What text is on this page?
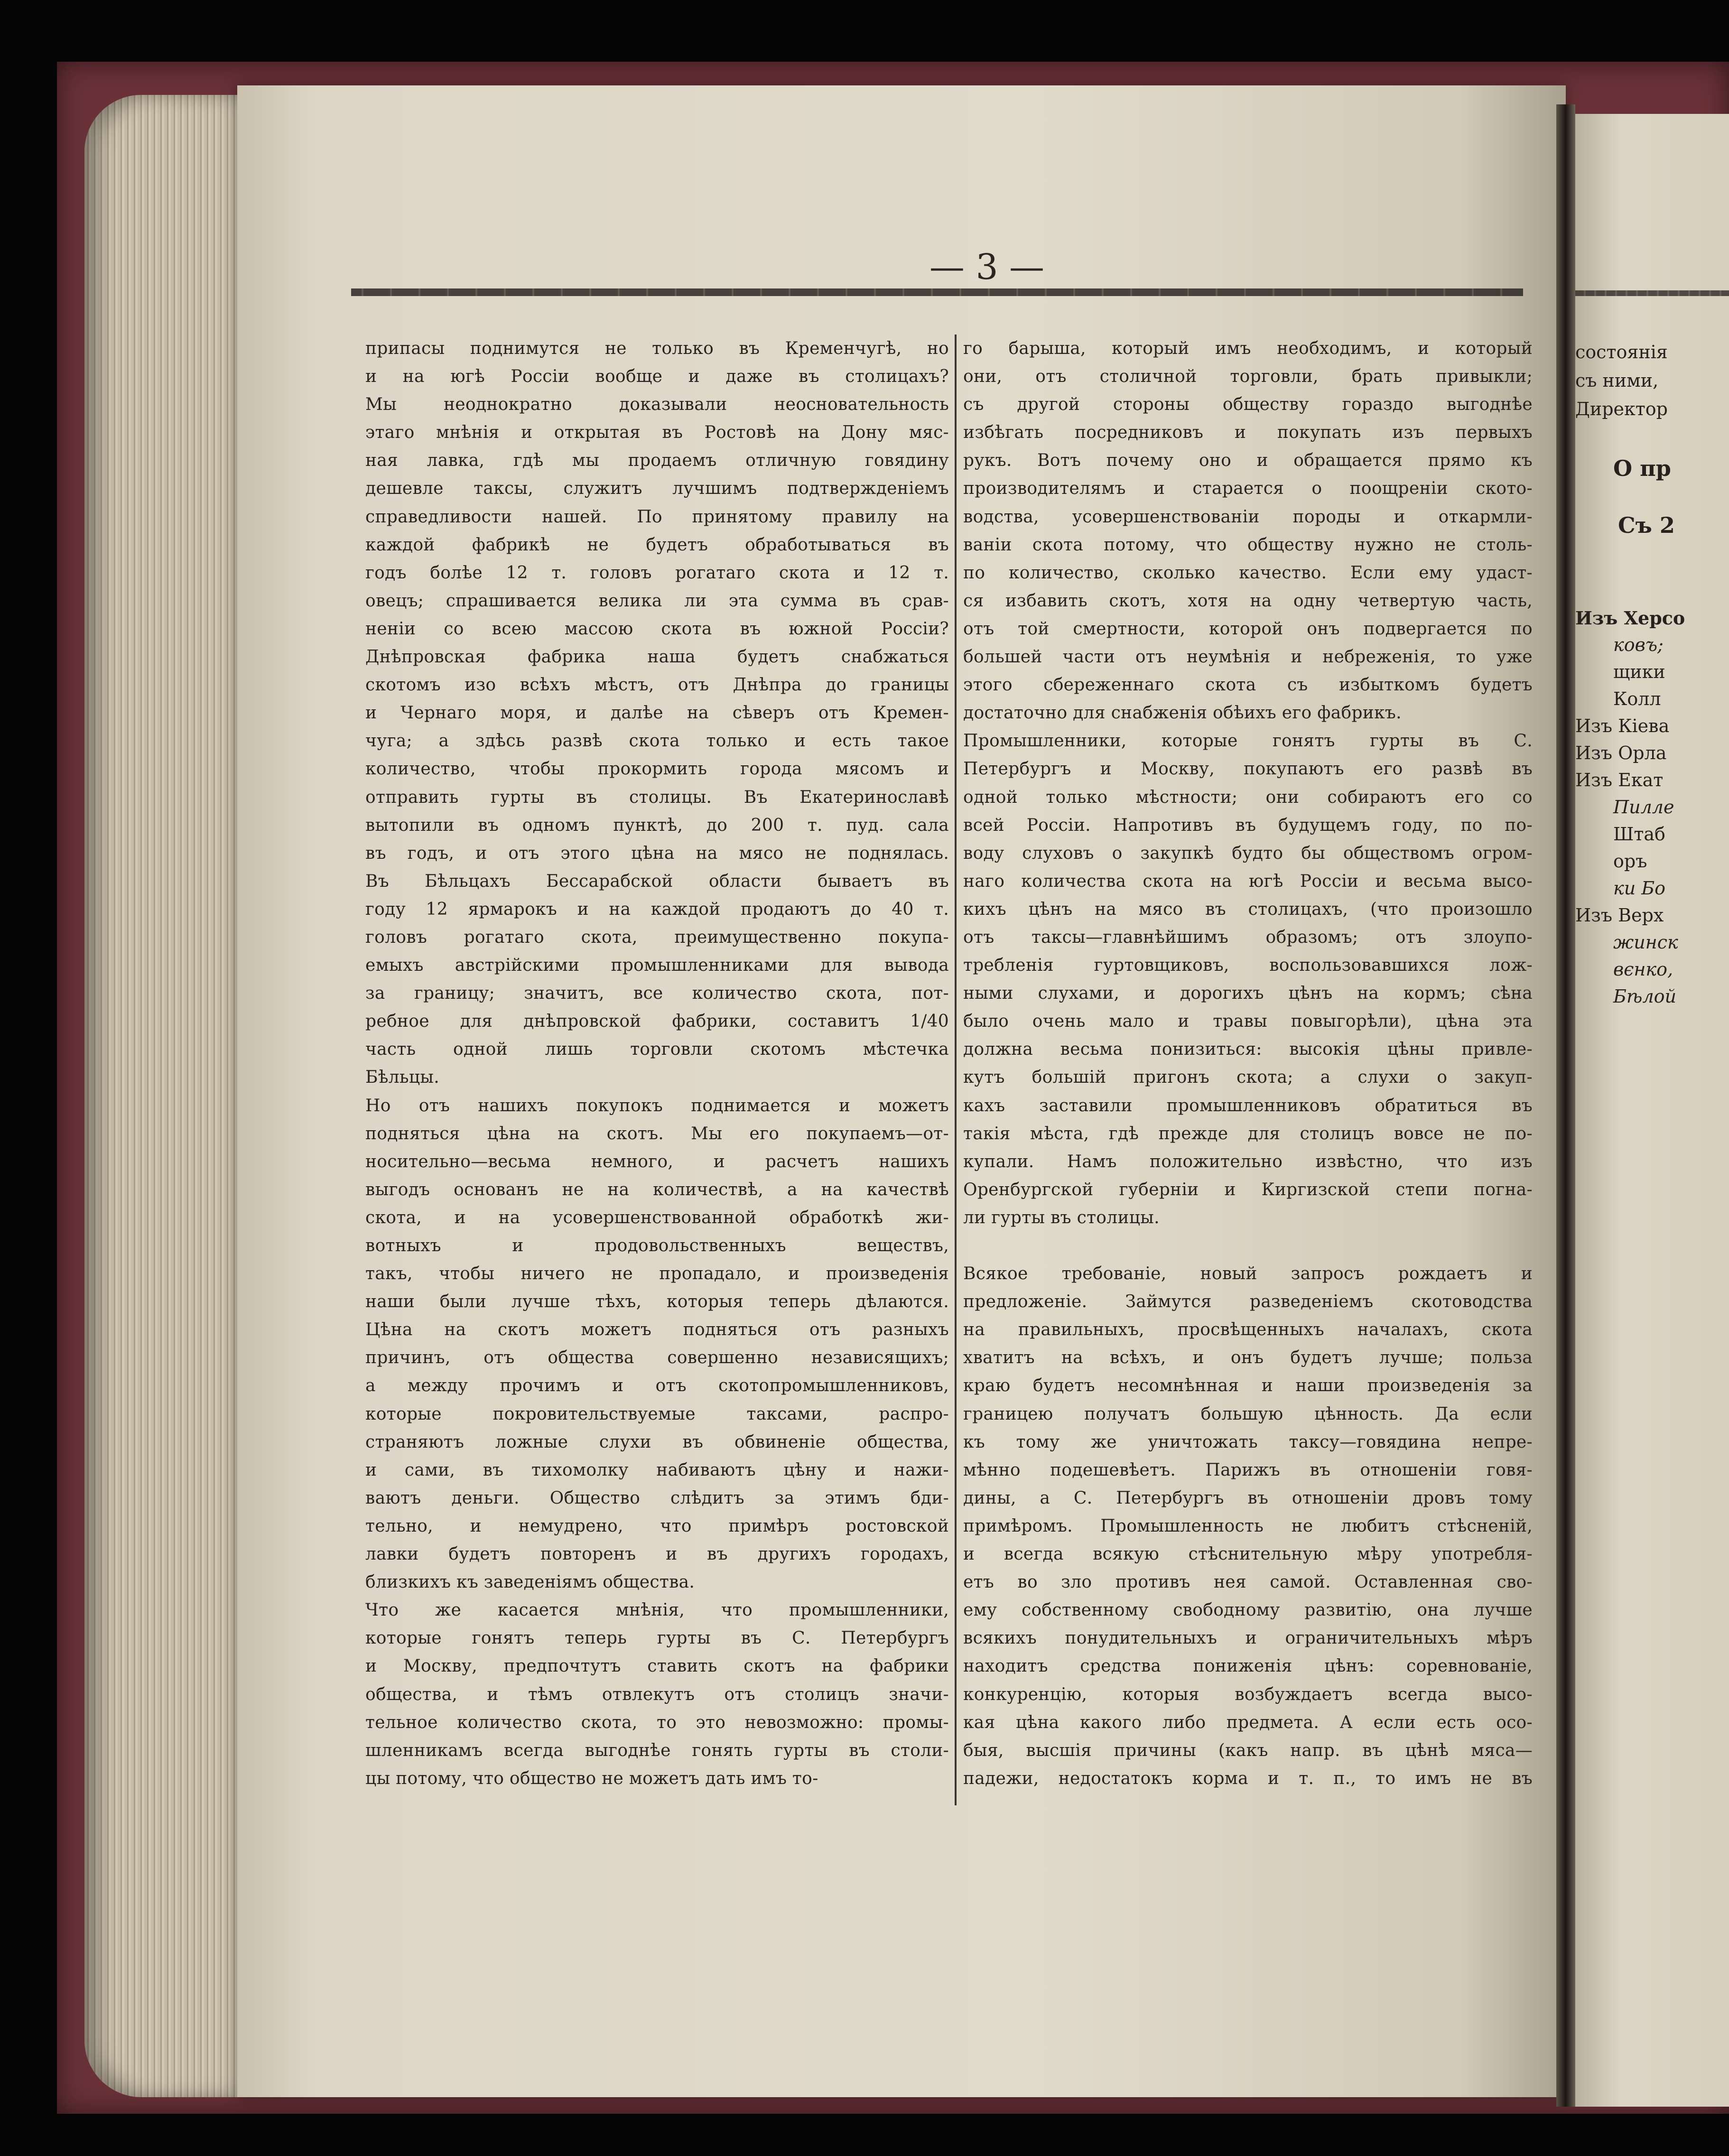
— 3 —
припасы поднимутся не только въ Кременчугѣ, но
и на югѣ Россіи вообще и даже въ столицахъ?
Мы неоднократно доказывали неосновательность
этаго мнѣнія и открытая въ Ростовѣ на Дону мяс-
ная лавка, гдѣ мы продаемъ отличную говядину
дешевле таксы, служитъ лучшимъ подтвержденіемъ
справедливости нашей. По принятому правилу на
каждой фабрикѣ не будетъ обработываться въ
годъ болѣе 12 т. головъ рогатаго скота и 12 т.
овецъ; спрашивается велика ли эта сумма въ срав-
неніи со всею массою скота въ южной Россіи?
Днѣпровская фабрика наша будетъ снабжаться
скотомъ изо всѣхъ мѣстъ, отъ Днѣпра до границы
и Чернаго моря, и далѣе на сѣверъ отъ Кремен-
чуга; а здѣсь развѣ скота только и есть такое
количество, чтобы прокормить города мясомъ и
отправить гурты въ столицы. Въ Екатеринославѣ
вытопили въ одномъ пунктѣ, до 200 т. пуд. сала
въ годъ, и отъ этого цѣна на мясо не поднялась.
Въ Бѣльцахъ Бессарабской области бываетъ въ
году 12 ярмарокъ и на каждой продаютъ до 40 т.
головъ рогатаго скота, преимущественно покупа-
емыхъ австрійскими промышленниками для вывода
за границу; значитъ, все количество скота, пот-
ребное для днѣпровской фабрики, составитъ 1/40
часть одной лишь торговли скотомъ мѣстечка
Бѣльцы.
Но отъ нашихъ покупокъ поднимается и можетъ
подняться цѣна на скотъ. Мы его покупаемъ—от-
носительно—весьма немного, и расчетъ нашихъ
выгодъ основанъ не на количествѣ, а на качествѣ
скота, и на усовершенствованной обработкѣ жи-
вотныхъ и продовольственныхъ веществъ,
такъ, чтобы ничего не пропадало, и произведенія
наши были лучше тѣхъ, которыя теперь дѣлаются.
Цѣна на скотъ можетъ подняться отъ разныхъ
причинъ, отъ общества совершенно независящихъ;
а между прочимъ и отъ скотопромышленниковъ,
которые покровительствуемые таксами, распро-
страняютъ ложные слухи въ обвиненіе общества,
и сами, въ тихомолку набиваютъ цѣну и нажи-
ваютъ деньги. Общество слѣдитъ за этимъ бди-
тельно, и немудрено, что примѣръ ростовской
лавки будетъ повторенъ и въ другихъ городахъ,
близкихъ къ заведеніямъ общества.
Что же касается мнѣнія, что промышленники,
которые гонятъ теперь гурты въ С. Петербургъ
и Москву, предпочтутъ ставить скотъ на фабрики
общества, и тѣмъ отвлекутъ отъ столицъ значи-
тельное количество скота, то это невозможно: промы-
шленникамъ всегда выгоднѣе гонять гурты въ столи-
цы потому, что общество не можетъ дать имъ то-
го барыша, который имъ необходимъ, и который
они, отъ столичной торговли, брать привыкли;
съ другой стороны обществу гораздо выгоднѣе
избѣгать посредниковъ и покупать изъ первыхъ
рукъ. Вотъ почему оно и обращается прямо къ
производителямъ и старается о поощреніи ското-
водства, усовершенствованіи породы и откармли-
ваніи скота потому, что обществу нужно не столь-
по количество, сколько качество. Если ему удаст-
ся избавить скотъ, хотя на одну четвертую часть,
отъ той смертности, которой онъ подвергается по
большей части отъ неумѣнія и небреженія, то уже
этого сбереженнаго скота съ избыткомъ будетъ
достаточно для снабженія обѣихъ его фабрикъ.
Промышленники, которые гонятъ гурты въ С.
Петербургъ и Москву, покупаютъ его развѣ въ
одной только мѣстности; они собираютъ его со
всей Россіи. Напротивъ въ будущемъ году, по по-
воду слуховъ о закупкѣ будто бы обществомъ огром-
наго количества скота на югѣ Россіи и весьма высо-
кихъ цѣнъ на мясо въ столицахъ, (что произошло
отъ таксы—главнѣйшимъ образомъ; отъ злоупо-
требленія гуртовщиковъ, воспользовавшихся лож-
ными слухами, и дорогихъ цѣнъ на кормъ; сѣна
было очень мало и травы повыгорѣли), цѣна эта
должна весьма понизиться: высокія цѣны привле-
кутъ большій пригонъ скота; а слухи о закуп-
кахъ заставили промышленниковъ обратиться въ
такія мѣста, гдѣ прежде для столицъ вовсе не по-
купали. Намъ положительно извѣстно, что изъ
Оренбургской губерніи и Киргизской степи погна-
ли гурты въ столицы.
Всякое требованіе, новый запросъ рождаетъ и
предложеніе. Займутся разведеніемъ скотоводства
на правильныхъ, просвѣщенныхъ началахъ, скота
хватитъ на всѣхъ, и онъ будетъ лучше; польза
краю будетъ несомнѣнная и наши произведенія за
границею получатъ большую цѣнность. Да если
къ тому же уничтожать таксу—говядина непре-
мѣнно подешевѣетъ. Парижъ въ отношеніи говя-
дины, а С. Петербургъ въ отношеніи дровъ тому
примѣромъ. Промышленность не любитъ стѣсненій,
и всегда всякую стѣснительную мѣру употребля-
етъ во зло противъ нея самой. Оставленная сво-
ему собственному свободному развитію, она лучше
всякихъ понудительныхъ и ограничительныхъ мѣръ
находитъ средства пониженія цѣнъ: соревнованіе,
конкуренцію, которыя возбуждаетъ всегда высо-
кая цѣна какого либо предмета. А если есть осо-
быя, высшія причины (какъ напр. въ цѣнѣ мяса—
падежи, недостатокъ корма и т. п., то имъ не въ
состоянія
съ ними,
Директор
О пр
Съ 2
Изъ Херсо
ковъ;
щики
Колл
Изъ Кіева
Изъ Орла
Изъ Екат
Пилле
Штаб
оръ
ки Бо
Изъ Верх
жинск
вєнко,
Бѣлой
